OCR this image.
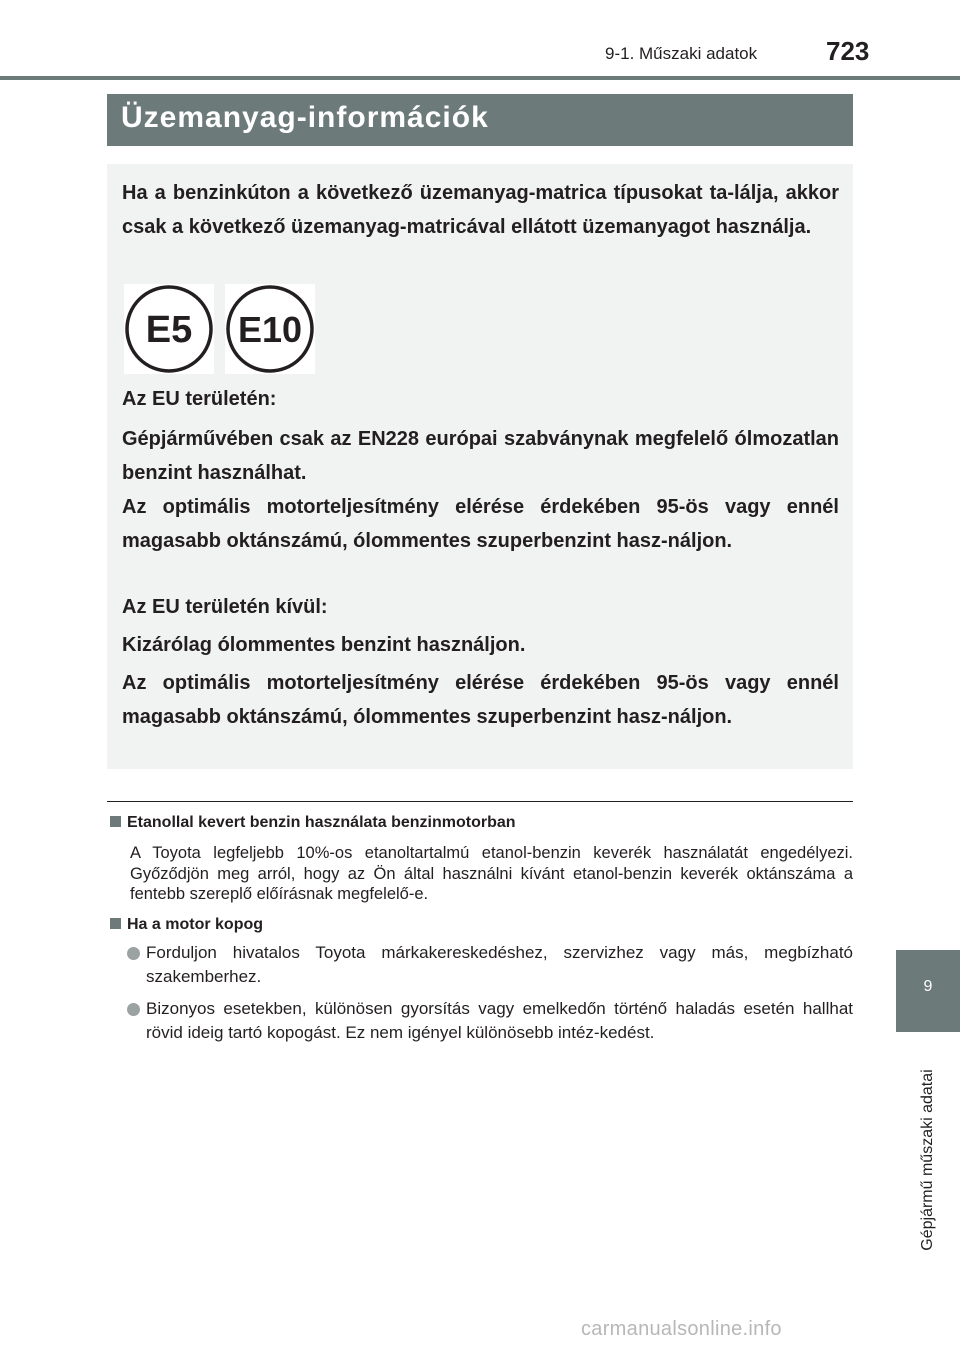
9-1. Műszaki adatok	723
Üzemanyag-információk

Ha a benzinkúton a következő üzemanyag-matrica típusokat ta-lálja, akkor csak a következő üzemanyag-matricával ellátott üzemanyagot használja.

E5 E10

Az EU területén:

Gépjárművében csak az EN228 európai szabványnak megfelelő ólmozatlan benzint használhat.

Az optimális motorteljesítmény elérése érdekében 95-ös vagy ennél magasabb oktánszámú, ólommentes szuperbenzint hasz-náljon.

Az EU területén kívül:

Kizárólag ólommentes benzint használjon.

Az optimális motorteljesítmény elérése érdekében 95-ös vagy ennél magasabb oktánszámú, ólommentes szuperbenzint hasz-náljon.

Etanollal kevert benzin használata benzinmotorban

A Toyota legfeljebb 10%-os etanoltartalmú etanol-benzin keverék használatát engedélyezi. Győződjön meg arról, hogy az Ön által használni kívánt etanol-benzin keverék oktánszáma a fentebb szereplő előírásnak megfelelő-e.

Ha a motor kopog

Forduljon hivatalos Toyota márkakereskedéshez, szervizhez vagy más, megbízható szakemberhez.

Bizonyos esetekben, különösen gyorsítás vagy emelkedőn történő haladás esetén hallhat rövid ideig tartó kopogást. Ez nem igényel különösebb intéz-kedést.

9
Gépjármű műszaki adatai
carmanualsonline.info
